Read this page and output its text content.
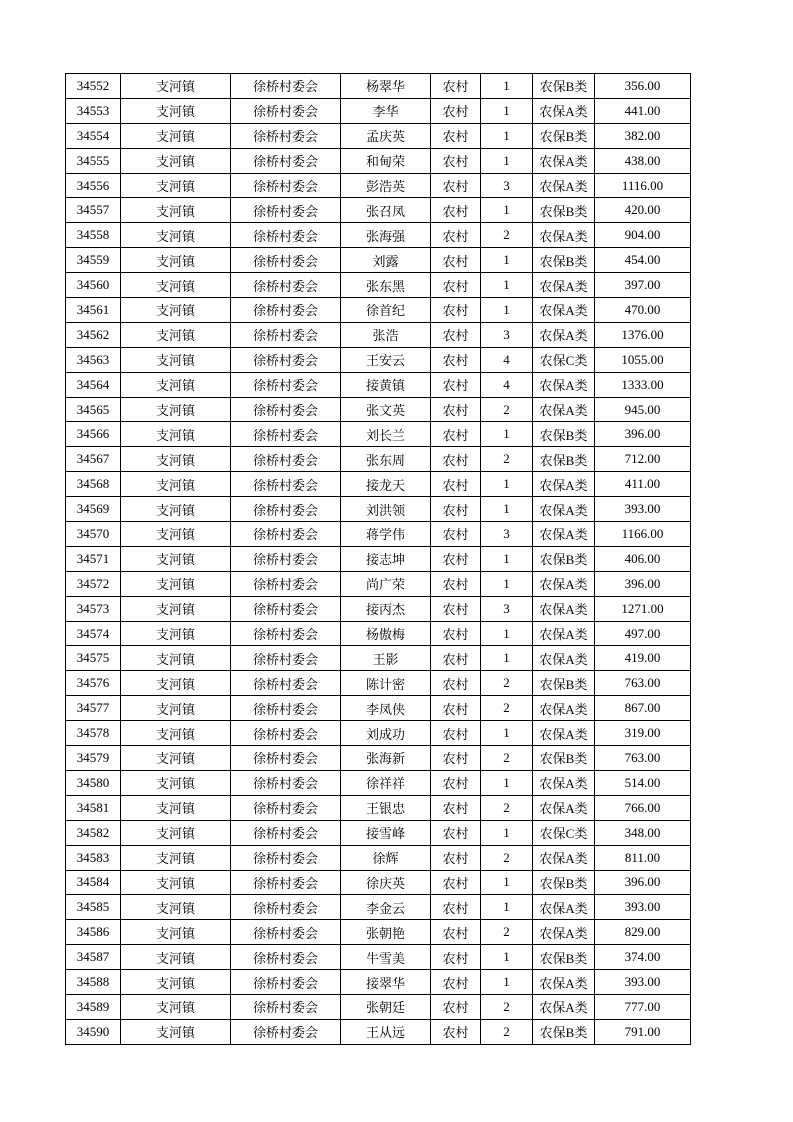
34552	支河镇	徐桥村委会	杨翠华	农村	1	农保B类	356.00
34553	支河镇	徐桥村委会	李华	农村	1	农保A类	441.00
34554	支河镇	徐桥村委会	孟庆英	农村	1	农保B类	382.00
34555	支河镇	徐桥村委会	和甸荣	农村	1	农保A类	438.00
34556	支河镇	徐桥村委会	彭浩英	农村	3	农保A类	1116.00
34557	支河镇	徐桥村委会	张召凤	农村	1	农保B类	420.00
34558	支河镇	徐桥村委会	张海强	农村	2	农保A类	904.00
34559	支河镇	徐桥村委会	刘露	农村	1	农保B类	454.00
34560	支河镇	徐桥村委会	张东黑	农村	1	农保A类	397.00
34561	支河镇	徐桥村委会	徐首纪	农村	1	农保A类	470.00
34562	支河镇	徐桥村委会	张浩	农村	3	农保A类	1376.00
34563	支河镇	徐桥村委会	王安云	农村	4	农保C类	1055.00
34564	支河镇	徐桥村委会	接黄镇	农村	4	农保A类	1333.00
34565	支河镇	徐桥村委会	张文英	农村	2	农保A类	945.00
34566	支河镇	徐桥村委会	刘长兰	农村	1	农保B类	396.00
34567	支河镇	徐桥村委会	张东周	农村	2	农保B类	712.00
34568	支河镇	徐桥村委会	接龙天	农村	1	农保A类	411.00
34569	支河镇	徐桥村委会	刘洪领	农村	1	农保A类	393.00
34570	支河镇	徐桥村委会	蒋学伟	农村	3	农保A类	1166.00
34571	支河镇	徐桥村委会	接志坤	农村	1	农保B类	406.00
34572	支河镇	徐桥村委会	尚广荣	农村	1	农保A类	396.00
34573	支河镇	徐桥村委会	接丙杰	农村	3	农保A类	1271.00
34574	支河镇	徐桥村委会	杨傲梅	农村	1	农保A类	497.00
34575	支河镇	徐桥村委会	王影	农村	1	农保A类	419.00
34576	支河镇	徐桥村委会	陈计密	农村	2	农保B类	763.00
34577	支河镇	徐桥村委会	李凤侠	农村	2	农保A类	867.00
34578	支河镇	徐桥村委会	刘成功	农村	1	农保A类	319.00
34579	支河镇	徐桥村委会	张海新	农村	2	农保B类	763.00
34580	支河镇	徐桥村委会	徐祥祥	农村	1	农保A类	514.00
34581	支河镇	徐桥村委会	王银忠	农村	2	农保A类	766.00
34582	支河镇	徐桥村委会	接雪峰	农村	1	农保C类	348.00
34583	支河镇	徐桥村委会	徐辉	农村	2	农保A类	811.00
34584	支河镇	徐桥村委会	徐庆英	农村	1	农保B类	396.00
34585	支河镇	徐桥村委会	李金云	农村	1	农保A类	393.00
34586	支河镇	徐桥村委会	张朝艳	农村	2	农保A类	829.00
34587	支河镇	徐桥村委会	牛雪美	农村	1	农保B类	374.00
34588	支河镇	徐桥村委会	接翠华	农村	1	农保A类	393.00
34589	支河镇	徐桥村委会	张朝廷	农村	2	农保A类	777.00
34590	支河镇	徐桥村委会	王从远	农村	2	农保B类	791.00
